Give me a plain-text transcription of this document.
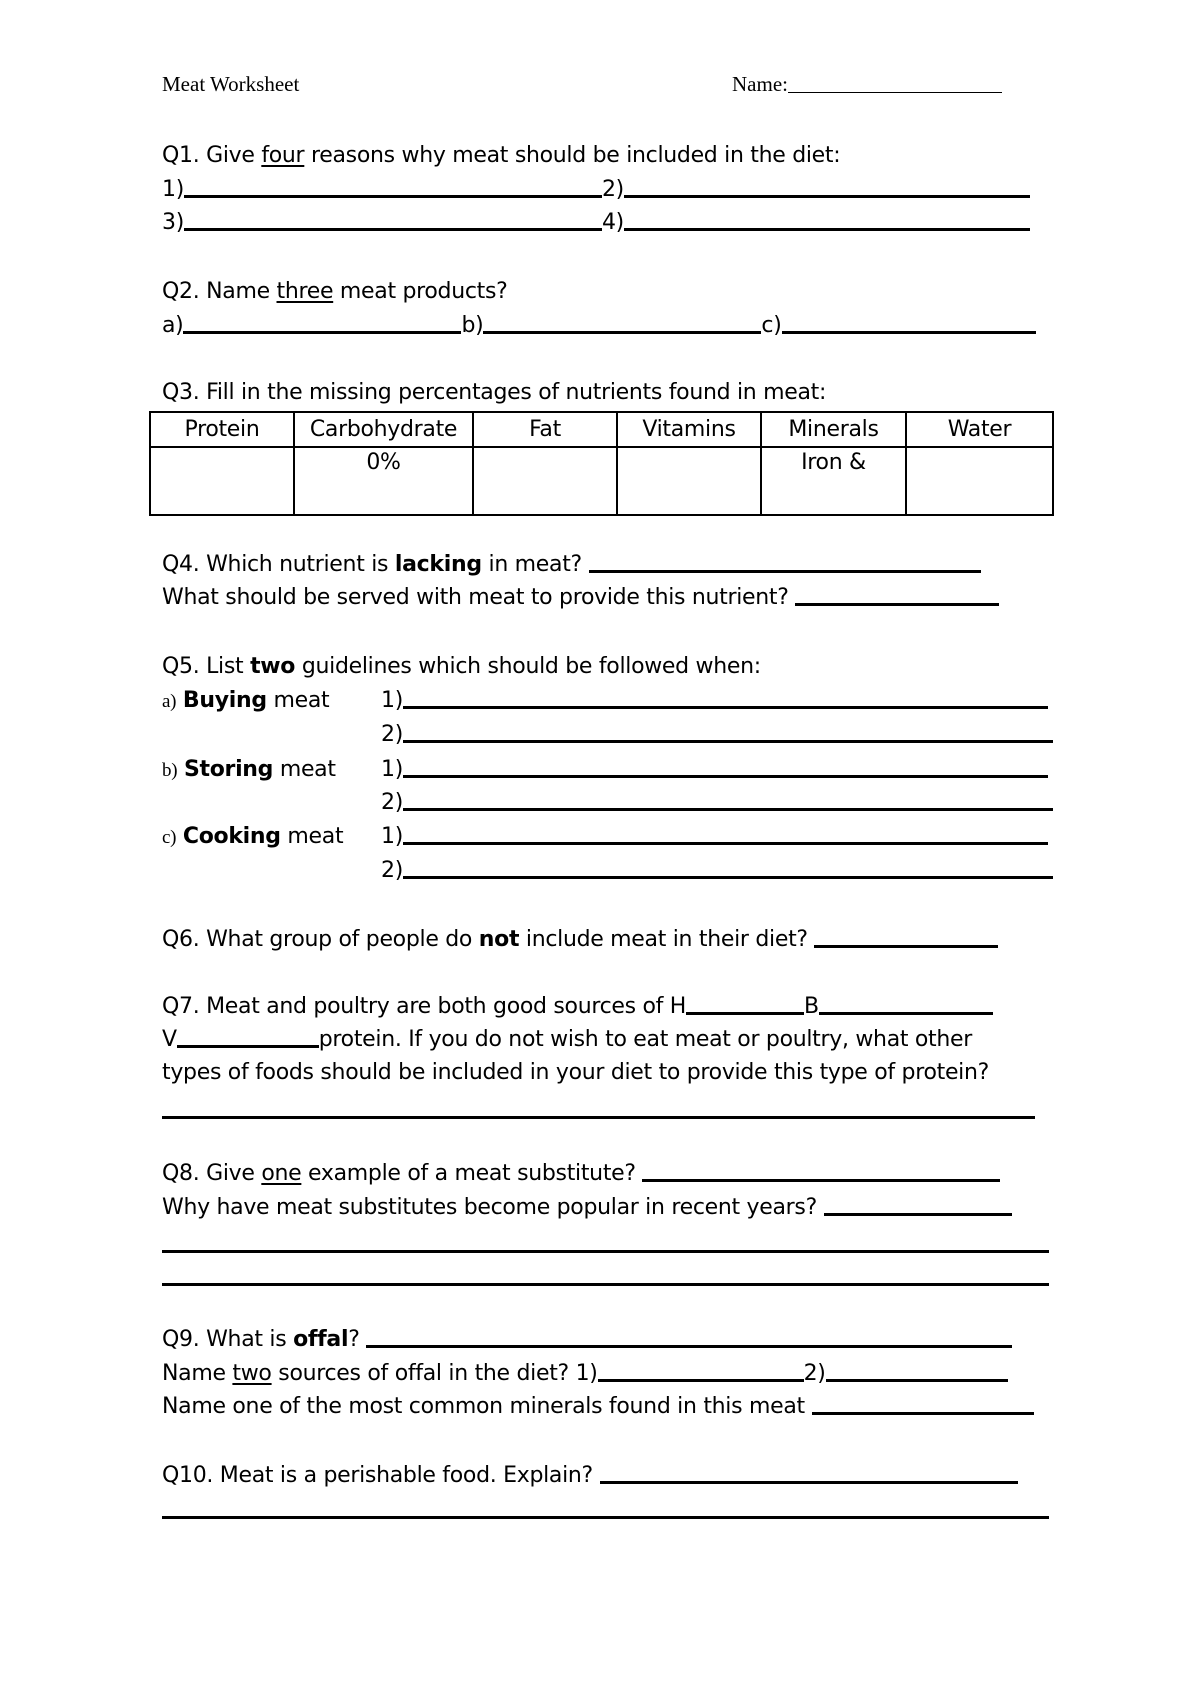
Meat Worksheet	Name:
Q1. Give four reasons why meat should be included in the diet:
1)	2)
3)	4)
Q2. Name three meat products?
a)	b)	c)
Q3. Fill in the missing percentages of nutrients found in meat:
Protein	Carbohydrate	Fat	Vitamins	Minerals	Water
	0%			Iron &	
Q4. Which nutrient is lacking in meat?
What should be served with meat to provide this nutrient?
Q5. List two guidelines which should be followed when:
a) Buying meat 1)
2)
b) Storing meat 1)
2)
c) Cooking meat 1)
2)
Q6. What group of people do not include meat in their diet?
Q7. Meat and poultry are both good sources of H	B
V	protein. If you do not wish to eat meat or poultry, what other
types of foods should be included in your diet to provide this type of protein?
Q8. Give one example of a meat substitute?
Why have meat substitutes become popular in recent years?
Q9. What is offal?
Name two sources of offal in the diet? 1)	2)
Name one of the most common minerals found in this meat
Q10. Meat is a perishable food. Explain?
